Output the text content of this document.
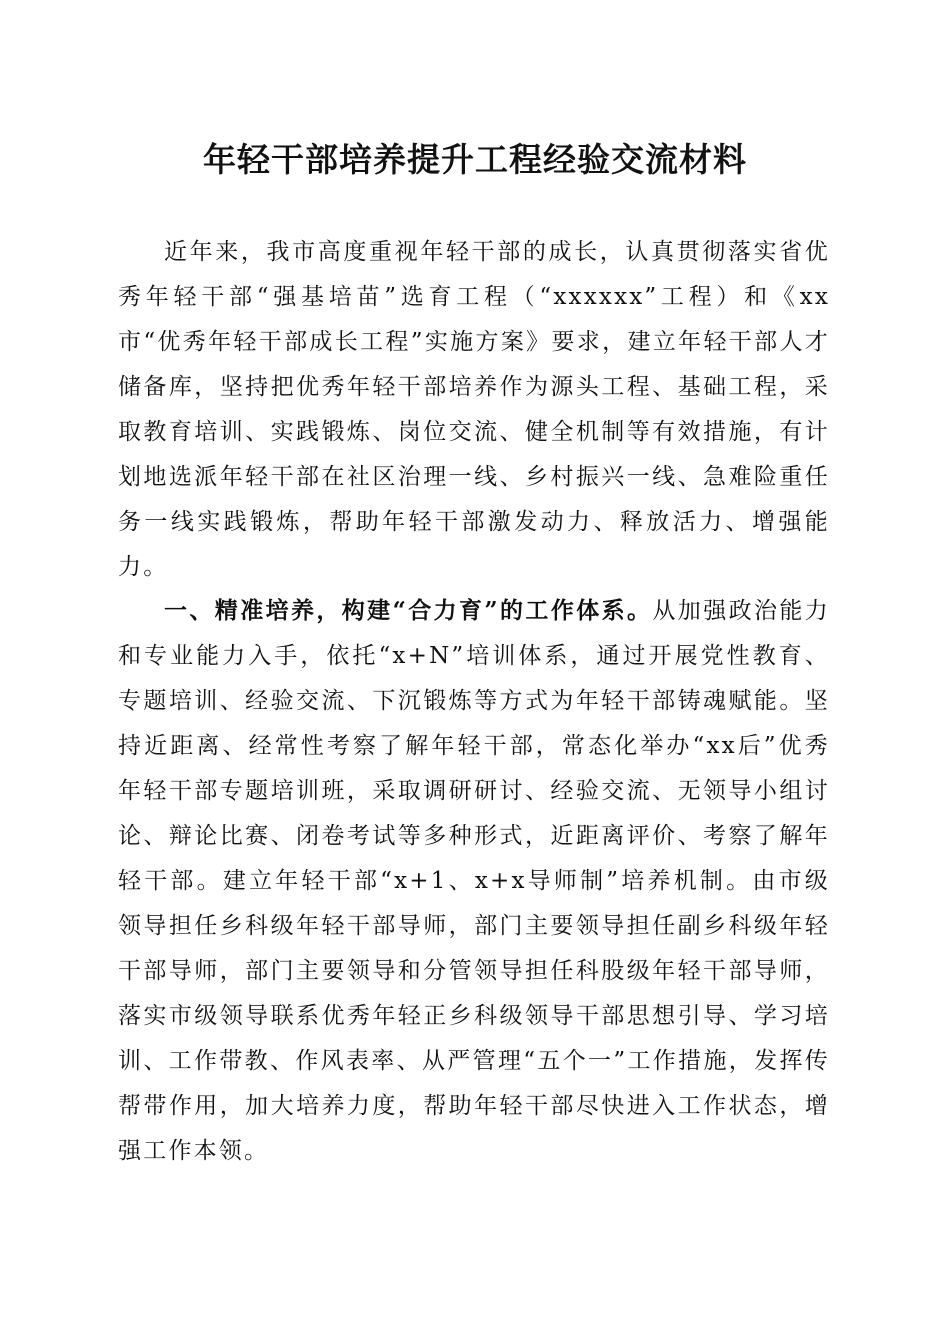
年轻干部培养提升工程经验交流材料

近年来，我市高度重视年轻干部的成长，认真贯彻落实省优秀年轻干部“强基培苗”选育工程（“xxxxxx”工程）和《xx市“优秀年轻干部成长工程”实施方案》要求，建立年轻干部人才储备库，坚持把优秀年轻干部培养作为源头工程、基础工程，采取教育培训、实践锻炼、岗位交流、健全机制等有效措施，有计划地选派年轻干部在社区治理一线、乡村振兴一线、急难险重任务一线实践锻炼，帮助年轻干部激发动力、释放活力、增强能力。

一、精准培养，构建“合力育”的工作体系。从加强政治能力和专业能力入手，依托“x+N”培训体系，通过开展党性教育、专题培训、经验交流、下沉锻炼等方式为年轻干部铸魂赋能。坚持近距离、经常性考察了解年轻干部，常态化举办“xx后”优秀年轻干部专题培训班，采取调研研讨、经验交流、无领导小组讨论、辩论比赛、闭卷考试等多种形式，近距离评价、考察了解年轻干部。建立年轻干部“x+1、x+x导师制”培养机制。由市级领导担任乡科级年轻干部导师，部门主要领导担任副乡科级年轻干部导师，部门主要领导和分管领导担任科股级年轻干部导师，落实市级领导联系优秀年轻正乡科级领导干部思想引导、学习培训、工作带教、作风表率、从严管理“五个一”工作措施，发挥传帮带作用，加大培养力度，帮助年轻干部尽快进入工作状态，增强工作本领。
